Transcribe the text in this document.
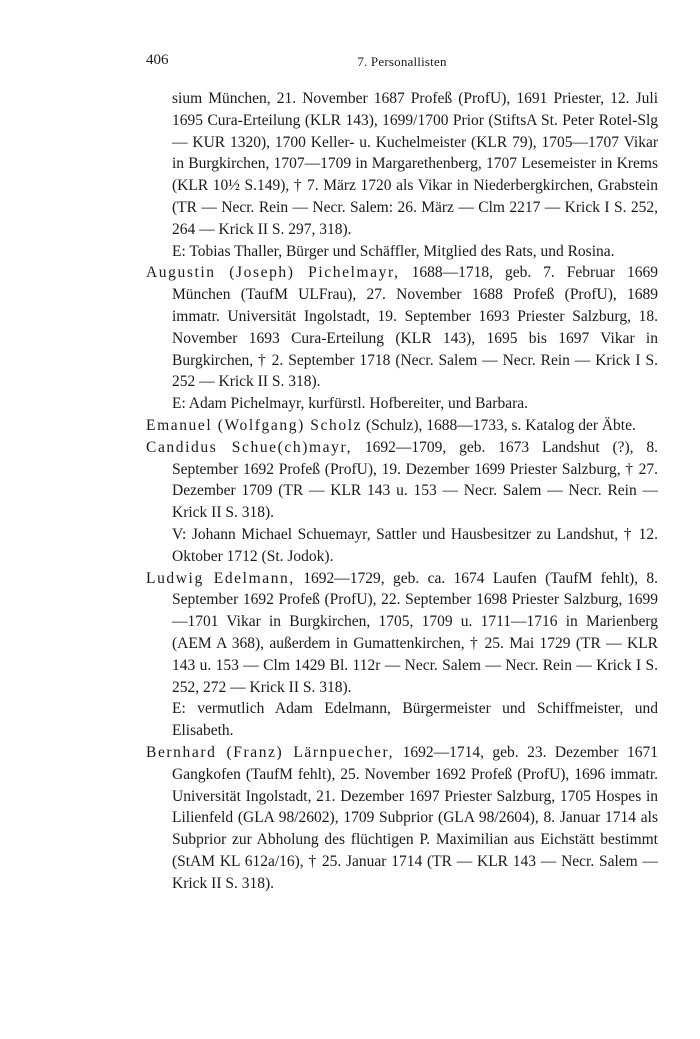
406	7. Personallisten

sium München, 21. November 1687 Profeß (ProfU), 1691 Priester, 12. Juli 1695 Cura-Erteilung (KLR 143), 1699/1700 Prior (StiftsA St. Peter Rotel-Slg — KUR 1320), 1700 Keller- u. Kuchelmeister (KLR 79), 1705—1707 Vikar in Burgkirchen, 1707—1709 in Margarethenberg, 1707 Lesemeister in Krems (KLR 10½ S.149), † 7. März 1720 als Vikar in Niederbergkirchen, Grabstein (TR — Necr. Rein — Necr. Salem: 26. März — Clm 2217 — Krick I S. 252, 264 — Krick II S. 297, 318).

E: Tobias Thaller, Bürger und Schäffler, Mitglied des Rats, und Rosina.

Augustin (Joseph) Pichelmayr, 1688—1718, geb. 7. Februar 1669 München (TaufM ULFrau), 27. November 1688 Profeß (ProfU), 1689 immatr. Universität Ingolstadt, 19. September 1693 Priester Salzburg, 18. November 1693 Cura-Erteilung (KLR 143), 1695 bis 1697 Vikar in Burgkirchen, † 2. September 1718 (Necr. Salem — Necr. Rein — Krick I S. 252 — Krick II S. 318).

E: Adam Pichelmayr, kurfürstl. Hofbereiter, und Barbara.

Emanuel (Wolfgang) Scholz (Schulz), 1688—1733, s. Katalog der Äbte.

Candidus Schue(ch)mayr, 1692—1709, geb. 1673 Landshut (?), 8. September 1692 Profeß (ProfU), 19. Dezember 1699 Priester Salzburg, † 27. Dezember 1709 (TR — KLR 143 u. 153 — Necr. Salem — Necr. Rein — Krick II S. 318).

V: Johann Michael Schuemayr, Sattler und Hausbesitzer zu Landshut, † 12. Oktober 1712 (St. Jodok).

Ludwig Edelmann, 1692—1729, geb. ca. 1674 Laufen (TaufM fehlt), 8. September 1692 Profeß (ProfU), 22. September 1698 Priester Salzburg, 1699—1701 Vikar in Burgkirchen, 1705, 1709 u. 1711—1716 in Marienberg (AEM A 368), außerdem in Gumattenkirchen, † 25. Mai 1729 (TR — KLR 143 u. 153 — Clm 1429 Bl. 112r — Necr. Salem — Necr. Rein — Krick I S. 252, 272 — Krick II S. 318).

E: vermutlich Adam Edelmann, Bürgermeister und Schiffmeister, und Elisabeth.

Bernhard (Franz) Lärnpuecher, 1692—1714, geb. 23. Dezember 1671 Gangkofen (TaufM fehlt), 25. November 1692 Profeß (ProfU), 1696 immatr. Universität Ingolstadt, 21. Dezember 1697 Priester Salzburg, 1705 Hospes in Lilienfeld (GLA 98/2602), 1709 Subprior (GLA 98/2604), 8. Januar 1714 als Subprior zur Abholung des flüchtigen P. Maximilian aus Eichstätt bestimmt (StAM KL 612a/16), † 25. Januar 1714 (TR — KLR 143 — Necr. Salem — Krick II S. 318).
